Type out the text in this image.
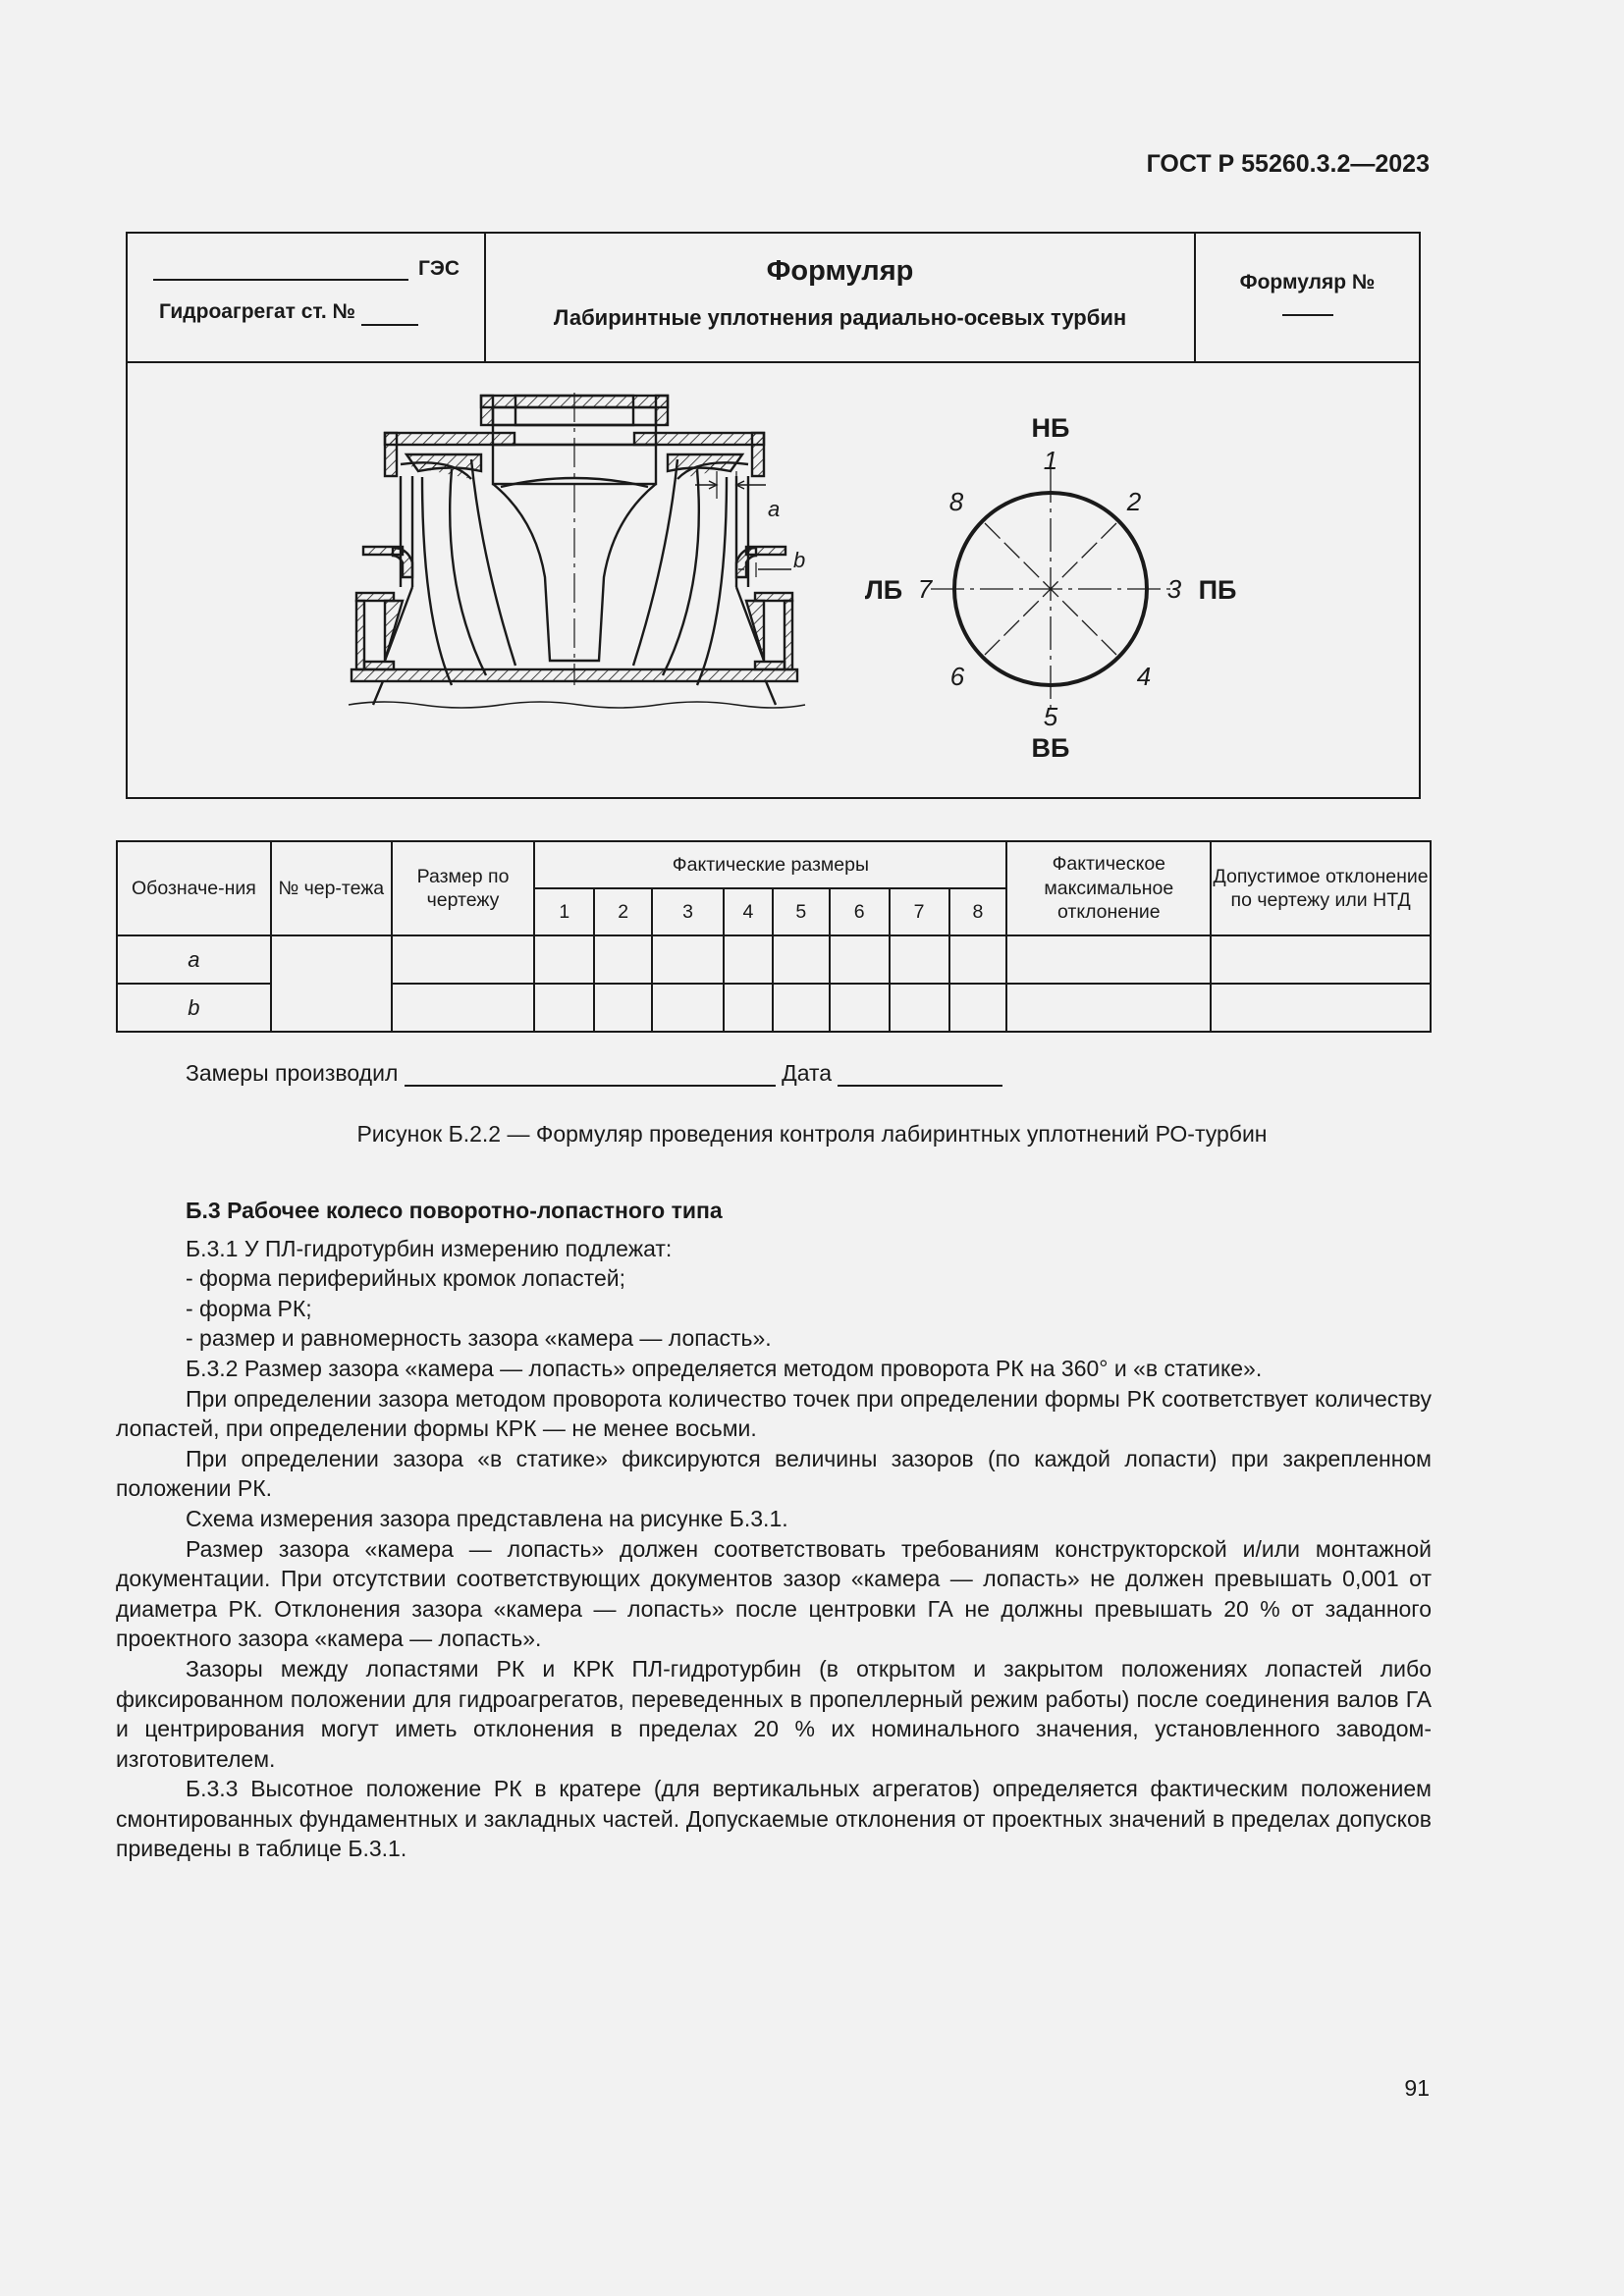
ГОСТ Р 55260.3.2—2023
ГЭС
Гидроагрегат ст. №
Формуляр
Лабиринтные уплотнения радиально-осевых турбин
Формуляр №
a
b
1
2
3
4
5
6
7
8
НБ
ВБ
ЛБ	ПБ
Обозначе-ния	№ чер-тежа	Размер по чертежу	Фактические размеры								Фактическое максимальное отклонение	Допустимое отклонение по чертежу или НТД
			1	2	3	4	5	6	7	8		
a												
b												
Замеры производил	Дата
Рисунок Б.2.2 — Формуляр проведения контроля лабиринтных уплотнений РО-турбин

Б.3 Рабочее колесо поворотно-лопастного типа

Б.3.1 У ПЛ-гидротурбин измерению подлежат:

- форма периферийных кромок лопастей;

- форма РК;

- размер и равномерность зазора «камера — лопасть».

Б.3.2 Размер зазора «камера — лопасть» определяется методом проворота РК на 360° и «в статике».

При определении зазора методом проворота количество точек при определении формы РК соответствует количеству лопастей, при определении формы КРК — не менее восьми.

При определении зазора «в статике» фиксируются величины зазоров (по каждой лопасти) при закрепленном положении РК.

Схема измерения зазора представлена на рисунке Б.3.1.

Размер зазора «камера — лопасть» должен соответствовать требованиям конструкторской и/или монтажной документации. При отсутствии соответствующих документов зазор «камера — лопасть» не должен превышать 0,001 от диаметра РК. Отклонения зазора «камера — лопасть» после центровки ГА не должны превышать 20 % от заданного проектного зазора «камера — лопасть».

Зазоры между лопастями РК и КРК ПЛ-гидротурбин (в открытом и закрытом положениях лопастей либо фиксированном положении для гидроагрегатов, переведенных в пропеллерный режим работы) после соединения валов ГА и центрирования могут иметь отклонения в пределах 20 % их номинального значения, установленного заводом-изготовителем.

Б.3.3 Высотное положение РК в кратере (для вертикальных агрегатов) определяется фактическим положением смонтированных фундаментных и закладных частей. Допускаемые отклонения от проектных значений в пределах допусков приведены в таблице Б.3.1.

91
